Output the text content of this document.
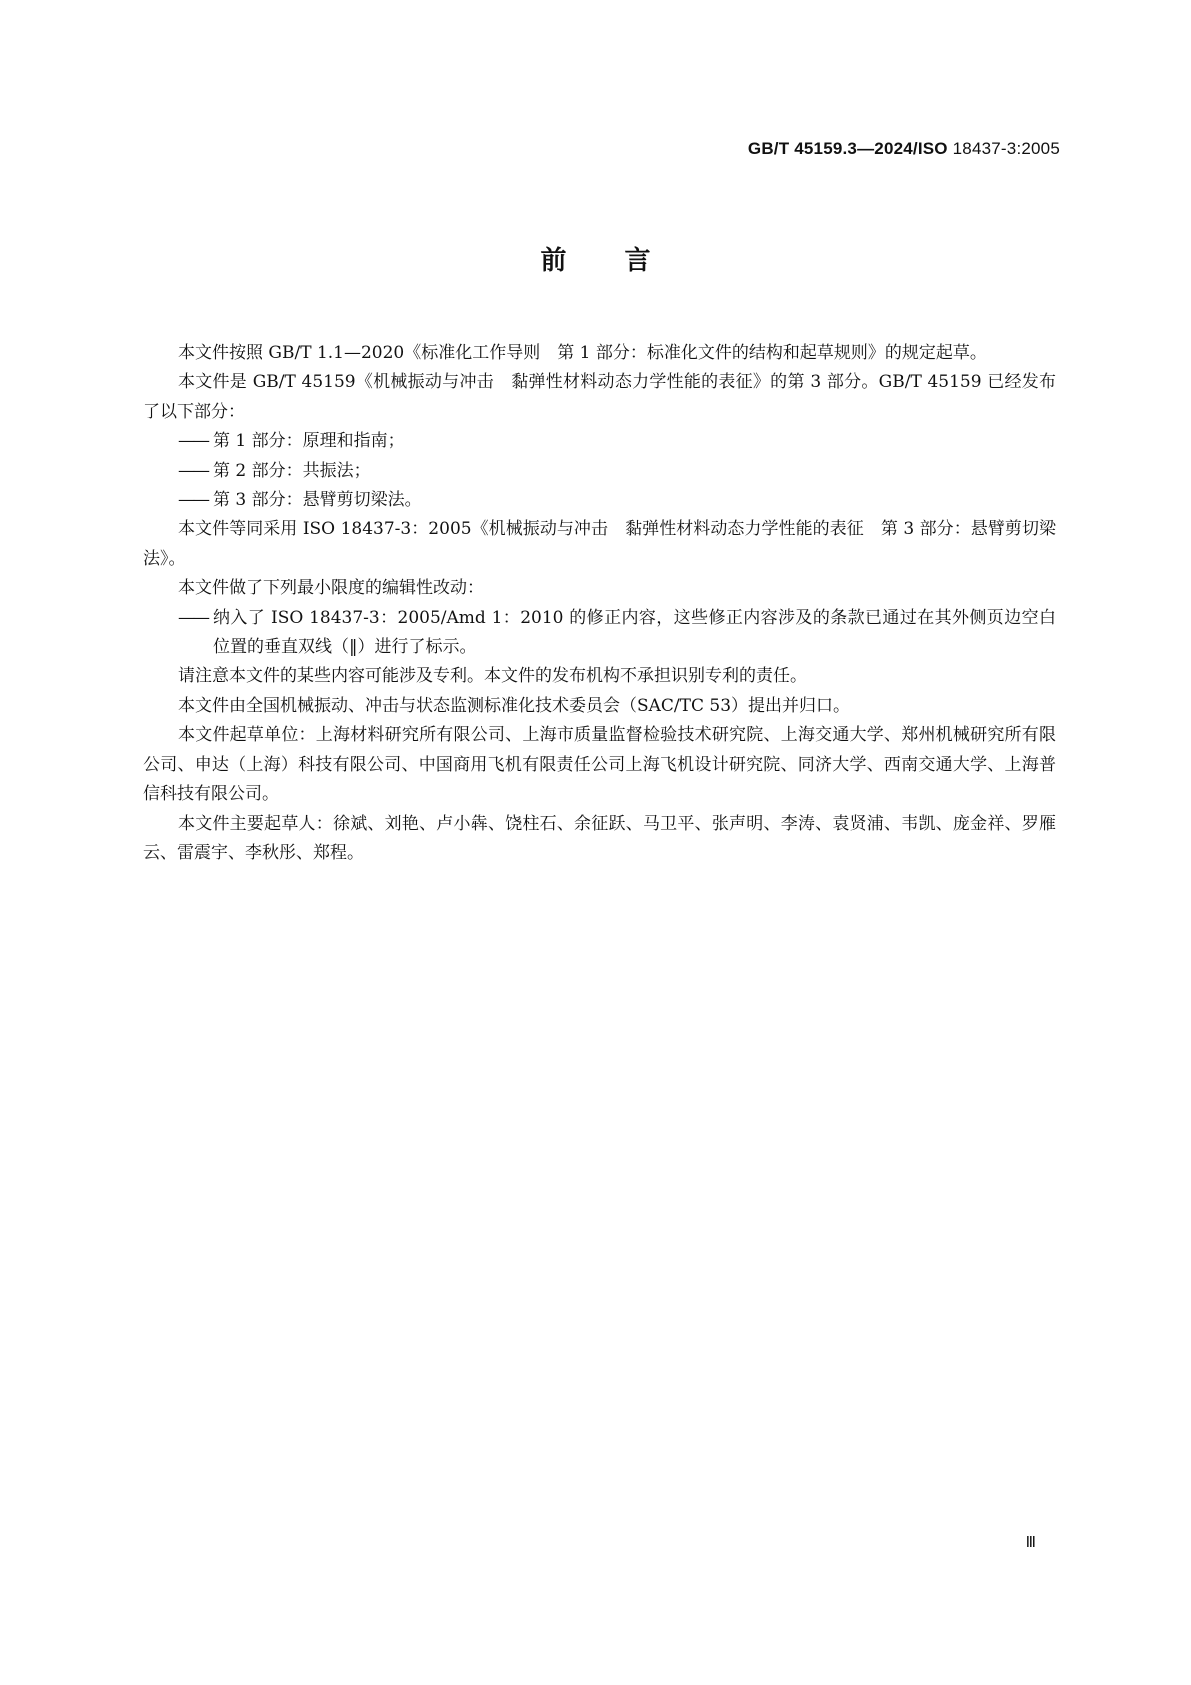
GB/T 45159.3—2024/ISO 18437-3:2005
前 言

本文件按照 GB/T 1.1—2020《标准化工作导则　第 1 部分：标准化文件的结构和起草规则》的规定起草。

本文件是 GB/T 45159《机械振动与冲击　黏弹性材料动态力学性能的表征》的第 3 部分。GB/T 45159 已经发布了以下部分：

—— 第 1 部分：原理和指南；

—— 第 2 部分：共振法；

—— 第 3 部分：悬臂剪切梁法。

本文件等同采用 ISO 18437-3：2005《机械振动与冲击　黏弹性材料动态力学性能的表征　第 3 部分：悬臂剪切梁法》。

本文件做了下列最小限度的编辑性改动：

—— 纳入了 ISO 18437-3：2005/Amd 1：2010 的修正内容，这些修正内容涉及的条款已通过在其外侧页边空白位置的垂直双线（‖）进行了标示。

请注意本文件的某些内容可能涉及专利。本文件的发布机构不承担识别专利的责任。

本文件由全国机械振动、冲击与状态监测标准化技术委员会（SAC/TC 53）提出并归口。

本文件起草单位：上海材料研究所有限公司、上海市质量监督检验技术研究院、上海交通大学、郑州机械研究所有限公司、申达（上海）科技有限公司、中国商用飞机有限责任公司上海飞机设计研究院、同济大学、西南交通大学、上海普信科技有限公司。

本文件主要起草人：徐斌、刘艳、卢小犇、饶柱石、余征跃、马卫平、张声明、李涛、袁贤浦、韦凯、庞金祥、罗雁云、雷震宇、李秋彤、郑程。

Ⅲ
